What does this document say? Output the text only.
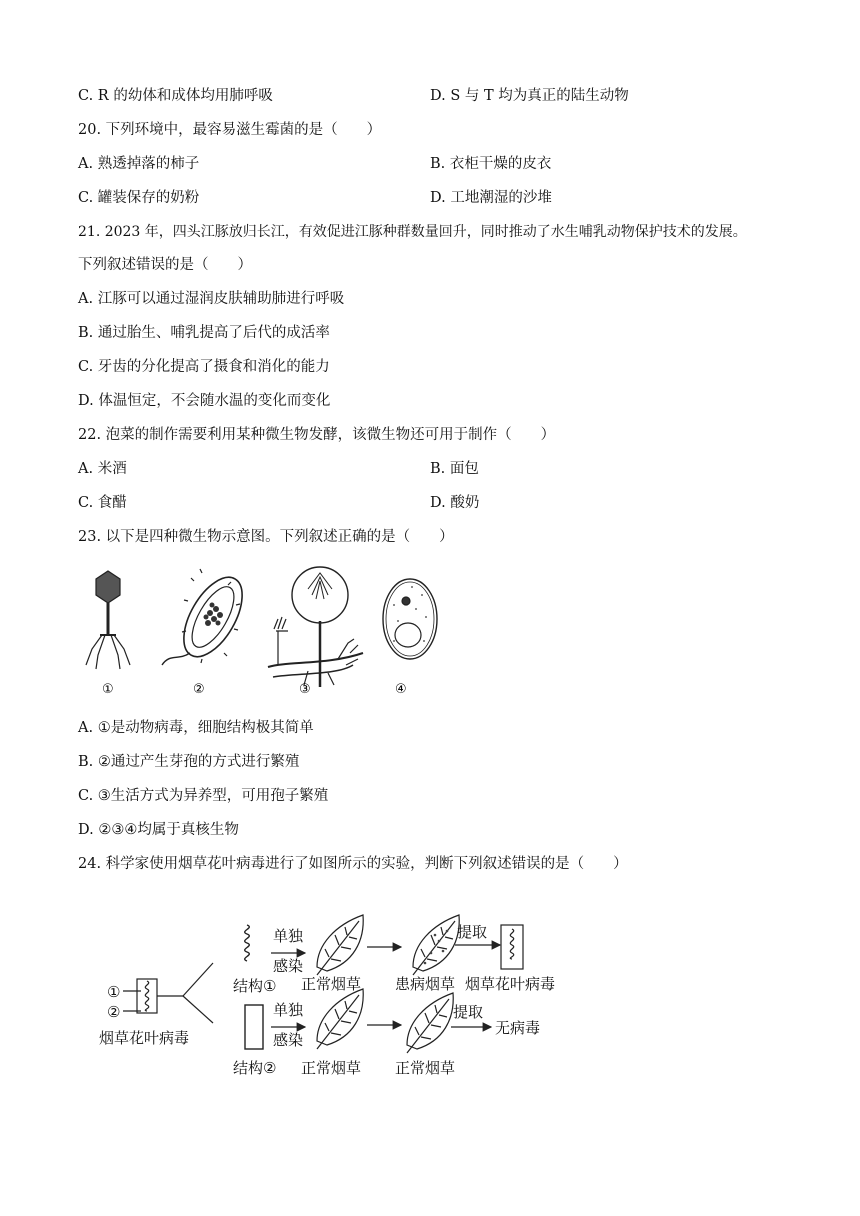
C. R 的幼体和成体均用肺呼吸	D. S 与 T 均为真正的陆生动物
20. 下列环境中，最容易滋生霉菌的是（　　）
A. 熟透掉落的柿子	B. 衣柜干燥的皮衣
C. 罐装保存的奶粉	D. 工地潮湿的沙堆
21. 2023 年，四头江豚放归长江，有效促进江豚种群数量回升，同时推动了水生哺乳动物保护技术的发展。
下列叙述错误的是（　　）
A. 江豚可以通过湿润皮肤辅助肺进行呼吸
B. 通过胎生、哺乳提高了后代的成活率
C. 牙齿的分化提高了摄食和消化的能力
D. 体温恒定，不会随水温的变化而变化
22. 泡菜的制作需要利用某种微生物发酵，该微生物还可用于制作（　　）
A. 米酒	B. 面包
C. 食醋	D. 酸奶
23. 以下是四种微生物示意图。下列叙述正确的是（　　）
①	②	③	④
A. ①是动物病毒，细胞结构极其简单
B. ②通过产生芽孢的方式进行繁殖
C. ③生活方式为异养型，可用孢子繁殖
D. ②③④均属于真核生物
24. 科学家使用烟草花叶病毒进行了如图所示的实验，判断下列叙述错误的是（　　）
①
②
烟草花叶病毒
单独
感染
结构① 正常烟草 患病烟草
提取
烟草花叶病毒
单独
感染
提取
无病毒
结构② 正常烟草 正常烟草
